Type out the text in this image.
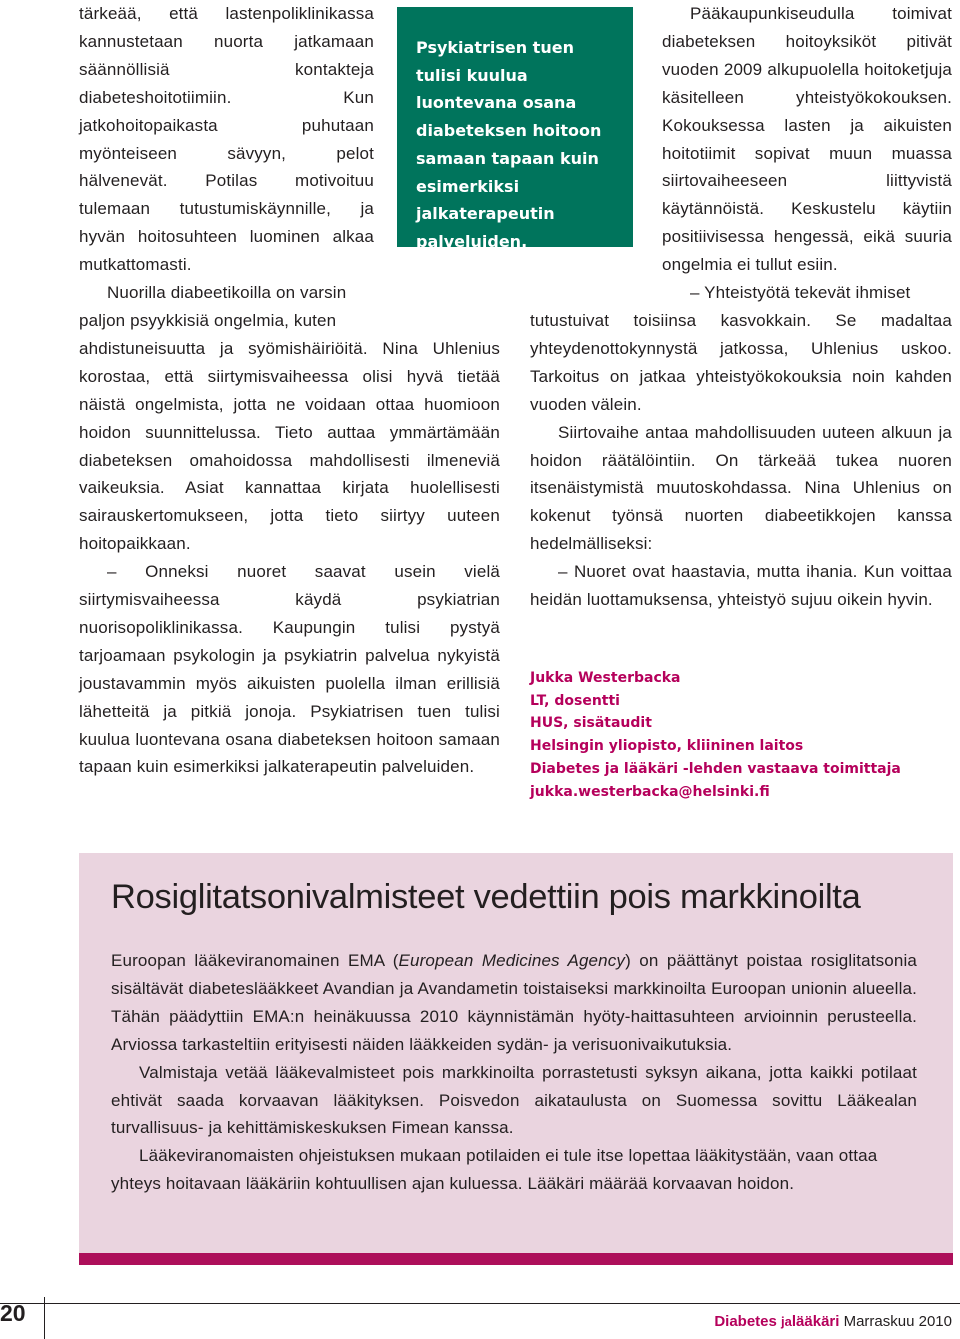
tärkeää, että lastenpoliklinikassa kannustetaan nuorta jatkamaan säännöllisiä kontakteja diabeteshoitotiimiin. Kun jatkohoitopaikasta puhutaan myönteiseen sävyyn, pelot hälvenevät. Potilas motivoituu tulemaan tutustumiskäynnille, ja hyvän hoitosuhteen luominen alkaa mutkattomasti.

Nuorilla diabeetikoilla on varsin paljon psyykkisiä ongelmia, kuten

ahdistuneisuutta ja syömishäiriöitä. Nina Uhlenius korostaa, että siirtymisvaiheessa olisi hyvä tietää näistä ongelmista, jotta ne voidaan ottaa huomioon hoidon suunnittelussa. Tieto auttaa ymmärtämään diabeteksen omahoidossa mahdollisesti ilmeneviä vaikeuksia. Asiat kannattaa kirjata huolellisesti sairauskertomukseen, jotta tieto siirtyy uuteen hoitopaikkaan.

– Onneksi nuoret saavat usein vielä siirtymisvaiheessa käydä psykiatrian nuorisopoliklinikassa. Kaupungin tulisi pystyä tarjoamaan psykologin ja psykiatrin palvelua nykyistä joustavammin myös aikuisten puolella ilman erillisiä lähetteitä ja pitkiä jonoja. Psykiatrisen tuen tulisi kuulua luontevana osana diabeteksen hoitoon samaan tapaan kuin esimerkiksi jalkaterapeutin palveluiden.

Psykiatrisen tuen tulisi kuulua luontevana osana diabeteksen hoitoon samaan tapaan kuin esimerkiksi jalkaterapeutin palveluiden.

Pääkaupunkiseudulla toimivat diabeteksen hoitoyksiköt pitivät vuoden 2009 alkupuolella hoitoketjuja käsitelleen yhteistyökokouksen. Kokouksessa lasten ja aikuisten hoitotiimit sopivat muun muassa siirtovaiheeseen liittyvistä käytännöistä. Keskustelu käytiin positiivisessa hengessä, eikä suuria ongelmia ei tullut esiin.

– Yhteistyötä tekevät ihmiset

tutustuivat toisiinsa kasvokkain. Se madaltaa yhteydenottokynnystä jatkossa, Uhlenius uskoo. Tarkoitus on jatkaa yhteistyökokouksia noin kahden vuoden välein.

Siirtovaihe antaa mahdollisuuden uuteen alkuun ja hoidon räätälöintiin. On tärkeää tukea nuoren itsenäistymistä muutoskohdassa. Nina Uhlenius on kokenut työnsä nuorten diabeetikkojen kanssa hedelmälliseksi:

– Nuoret ovat haastavia, mutta ihania. Kun voittaa heidän luottamuksensa, yhteistyö sujuu oikein hyvin.

Jukka Westerbacka
LT, dosentti
HUS, sisätaudit
Helsingin yliopisto, kliininen laitos
Diabetes ja lääkäri -lehden vastaava toimittaja
jukka.westerbacka@helsinki.fi
Rosiglitatsonivalmisteet vedettiin pois markkinoilta

Euroopan lääkeviranomainen EMA (European Medicines Agency) on päättänyt poistaa rosiglitatsonia sisältävät diabeteslääkkeet Avandian ja Avandametin toistaiseksi markkinoilta Euroopan unionin alueella. Tähän päädyttiin EMA:n heinäkuussa 2010 käynnistämän hyöty-haittasuhteen arvioinnin perusteella. Arviossa tarkasteltiin erityisesti näiden lääkkeiden sydän- ja verisuonivaikutuksia.

Valmistaja vetää lääkevalmisteet pois markkinoilta porrastetusti syksyn aikana, jotta kaikki potilaat ehtivät saada korvaavan lääkityksen. Poisvedon aikataulusta on Suomessa sovittu Lääkealan turvallisuus- ja kehittämiskeskuksen Fimean kanssa.

Lääkeviranomaisten ohjeistuksen mukaan potilaiden ei tule itse lopettaa lääkitystään, vaan ottaa yhteys hoitavaan lääkäriin kohtuullisen ajan kuluessa. Lääkäri määrää korvaavan hoidon.

20	Diabetes jalääkäri Marraskuu 2010
